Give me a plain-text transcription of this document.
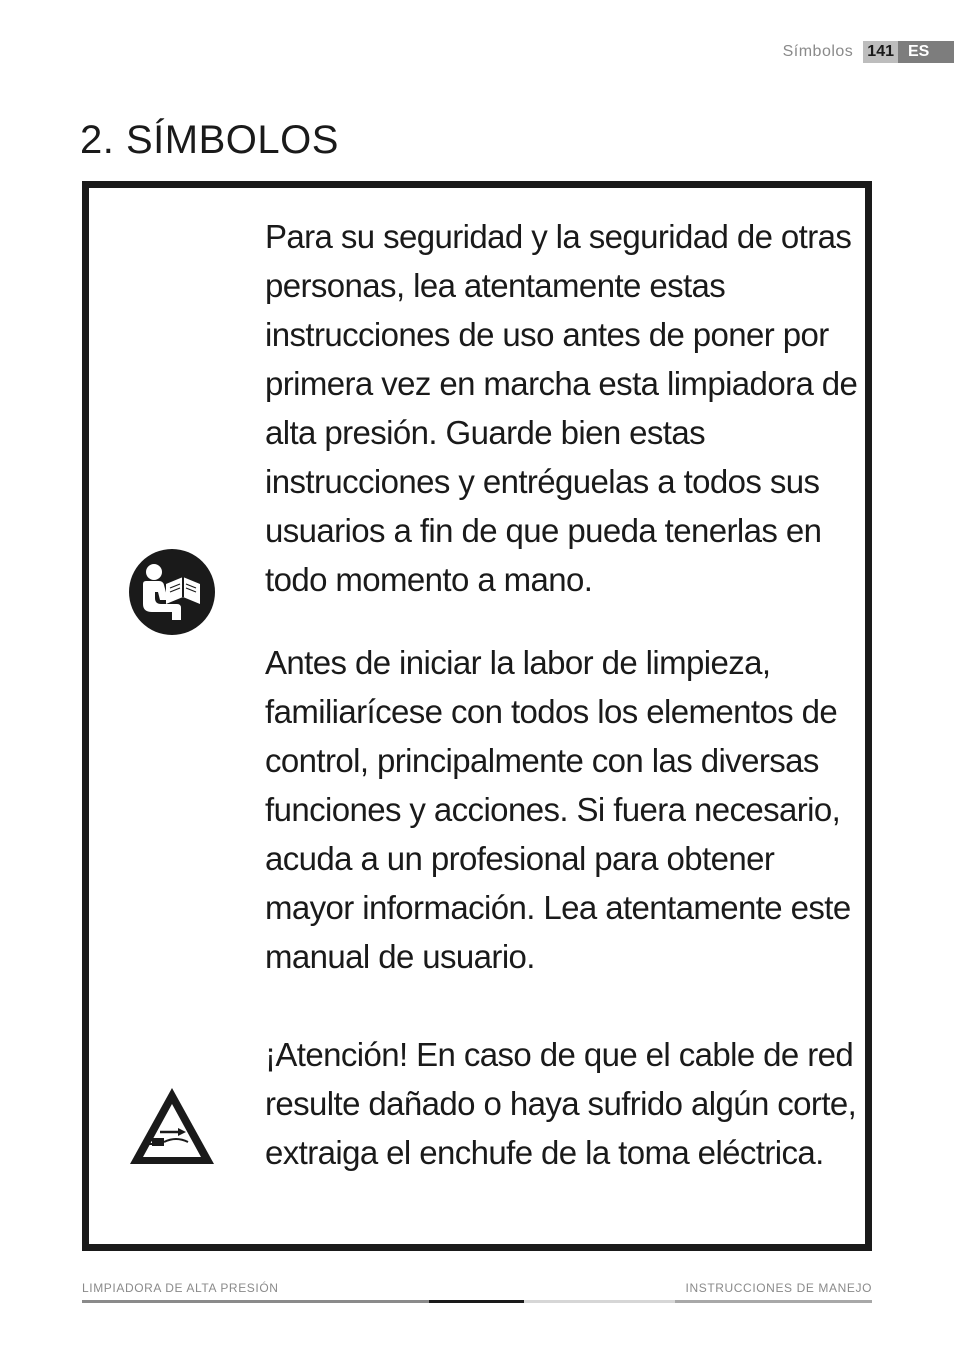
Símbolos 141 ES
2. SÍMBOLOS

Para su seguridad y la seguridad de otras personas, lea atentamente estas instrucciones de uso antes de poner por primera vez en marcha esta limpiadora de alta presión. Guarde bien estas instrucciones y entréguelas a todos sus usuarios a fin de que pueda tenerlas en todo momento a mano.

Antes de iniciar la labor de limpieza, familiarícese con todos los elementos de control, principalmente con las diversas funciones y acciones. Si fuera necesario, acuda a un profesional para obtener mayor información. Lea atentamente este manual de usuario.

¡Atención! En caso de que el cable de red resulte dañado o haya sufrido algún corte, extraiga el enchufe de la toma eléctrica.

LIMPIADORA DE ALTA PRESIÓN	INSTRUCCIONES DE MANEJO
